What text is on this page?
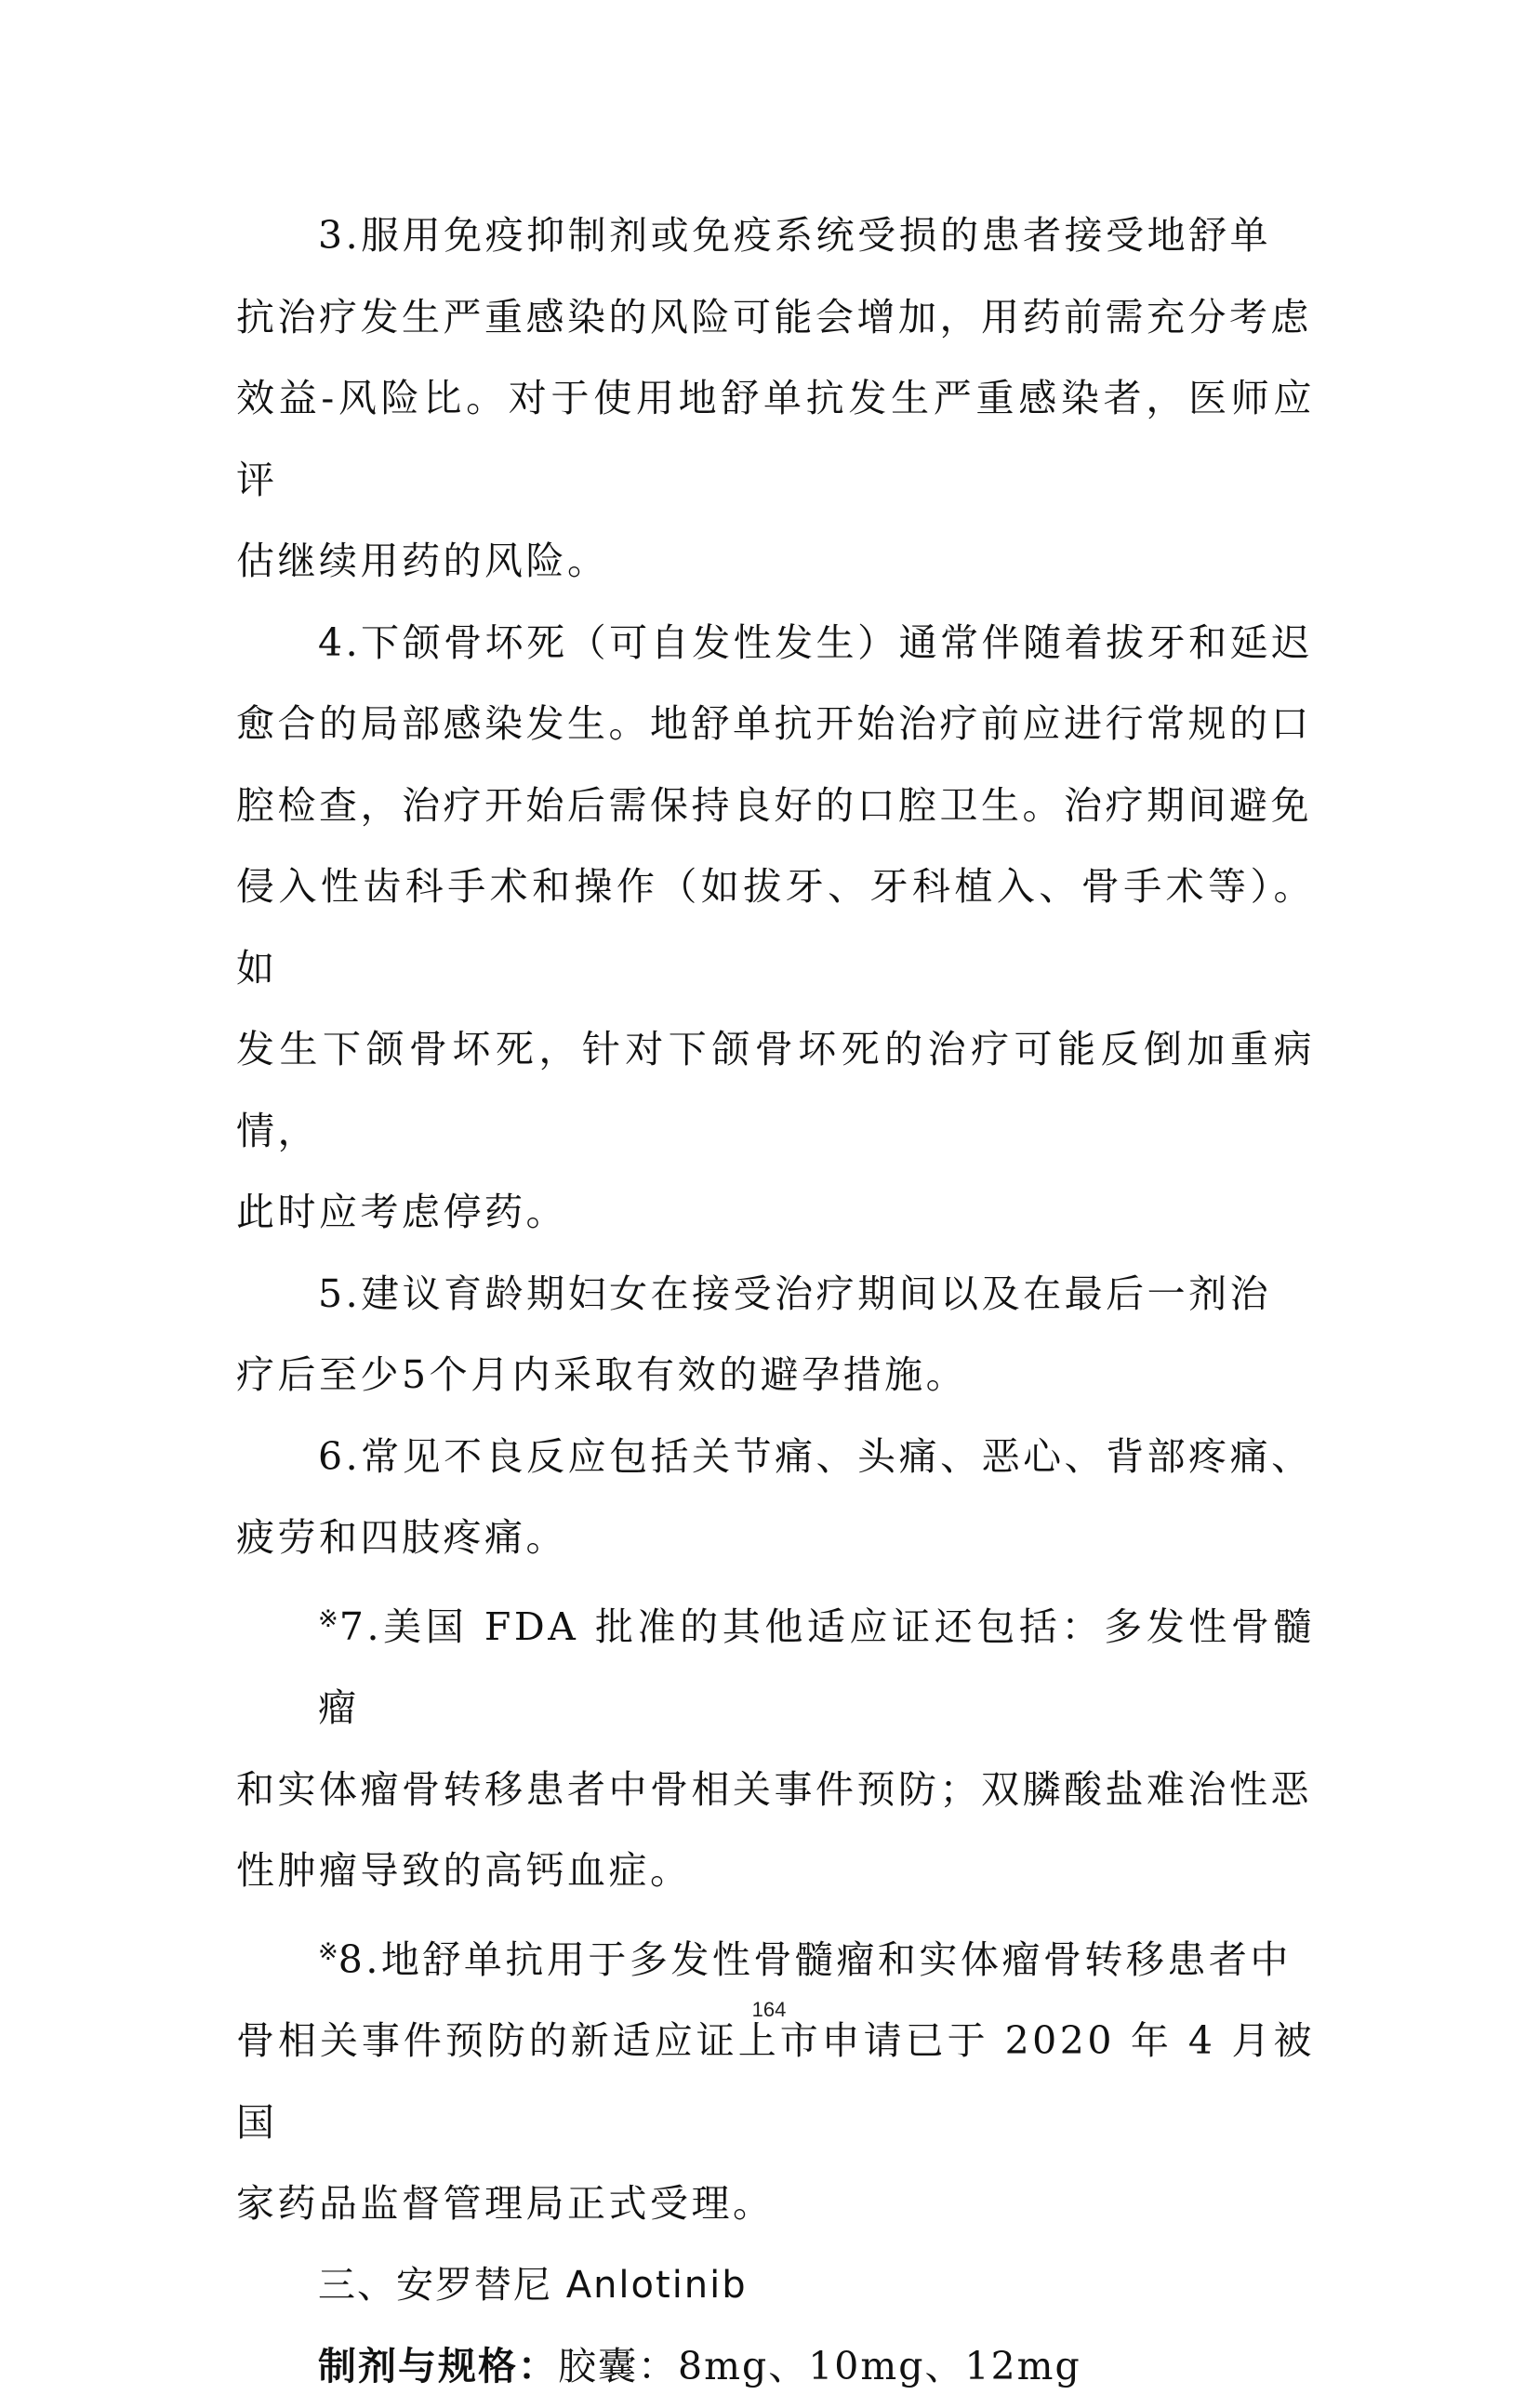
3.服用免疫抑制剂或免疫系统受损的患者接受地舒单
抗治疗发生严重感染的风险可能会增加，用药前需充分考虑
效益-风险比。对于使用地舒单抗发生严重感染者，医师应评
估继续用药的风险。
4.下颌骨坏死（可自发性发生）通常伴随着拔牙和延迟
愈合的局部感染发生。地舒单抗开始治疗前应进行常规的口
腔检查，治疗开始后需保持良好的口腔卫生。治疗期间避免
侵入性齿科手术和操作（如拔牙、牙科植入、骨手术等）。如
发生下颌骨坏死，针对下颌骨坏死的治疗可能反倒加重病情，
此时应考虑停药。
5.建议育龄期妇女在接受治疗期间以及在最后一剂治
疗后至少5个月内采取有效的避孕措施。
6.常见不良反应包括关节痛、头痛、恶心、背部疼痛、
疲劳和四肢疼痛。
※7.美国 FDA 批准的其他适应证还包括：多发性骨髓瘤
和实体瘤骨转移患者中骨相关事件预防；双膦酸盐难治性恶
性肿瘤导致的高钙血症。
※8.地舒单抗用于多发性骨髓瘤和实体瘤骨转移患者中
骨相关事件预防的新适应证上市申请已于 2020 年 4 月被国
家药品监督管理局正式受理。
三、安罗替尼 Anlotinib
制剂与规格：胶囊：8mg、10mg、12mg
164
